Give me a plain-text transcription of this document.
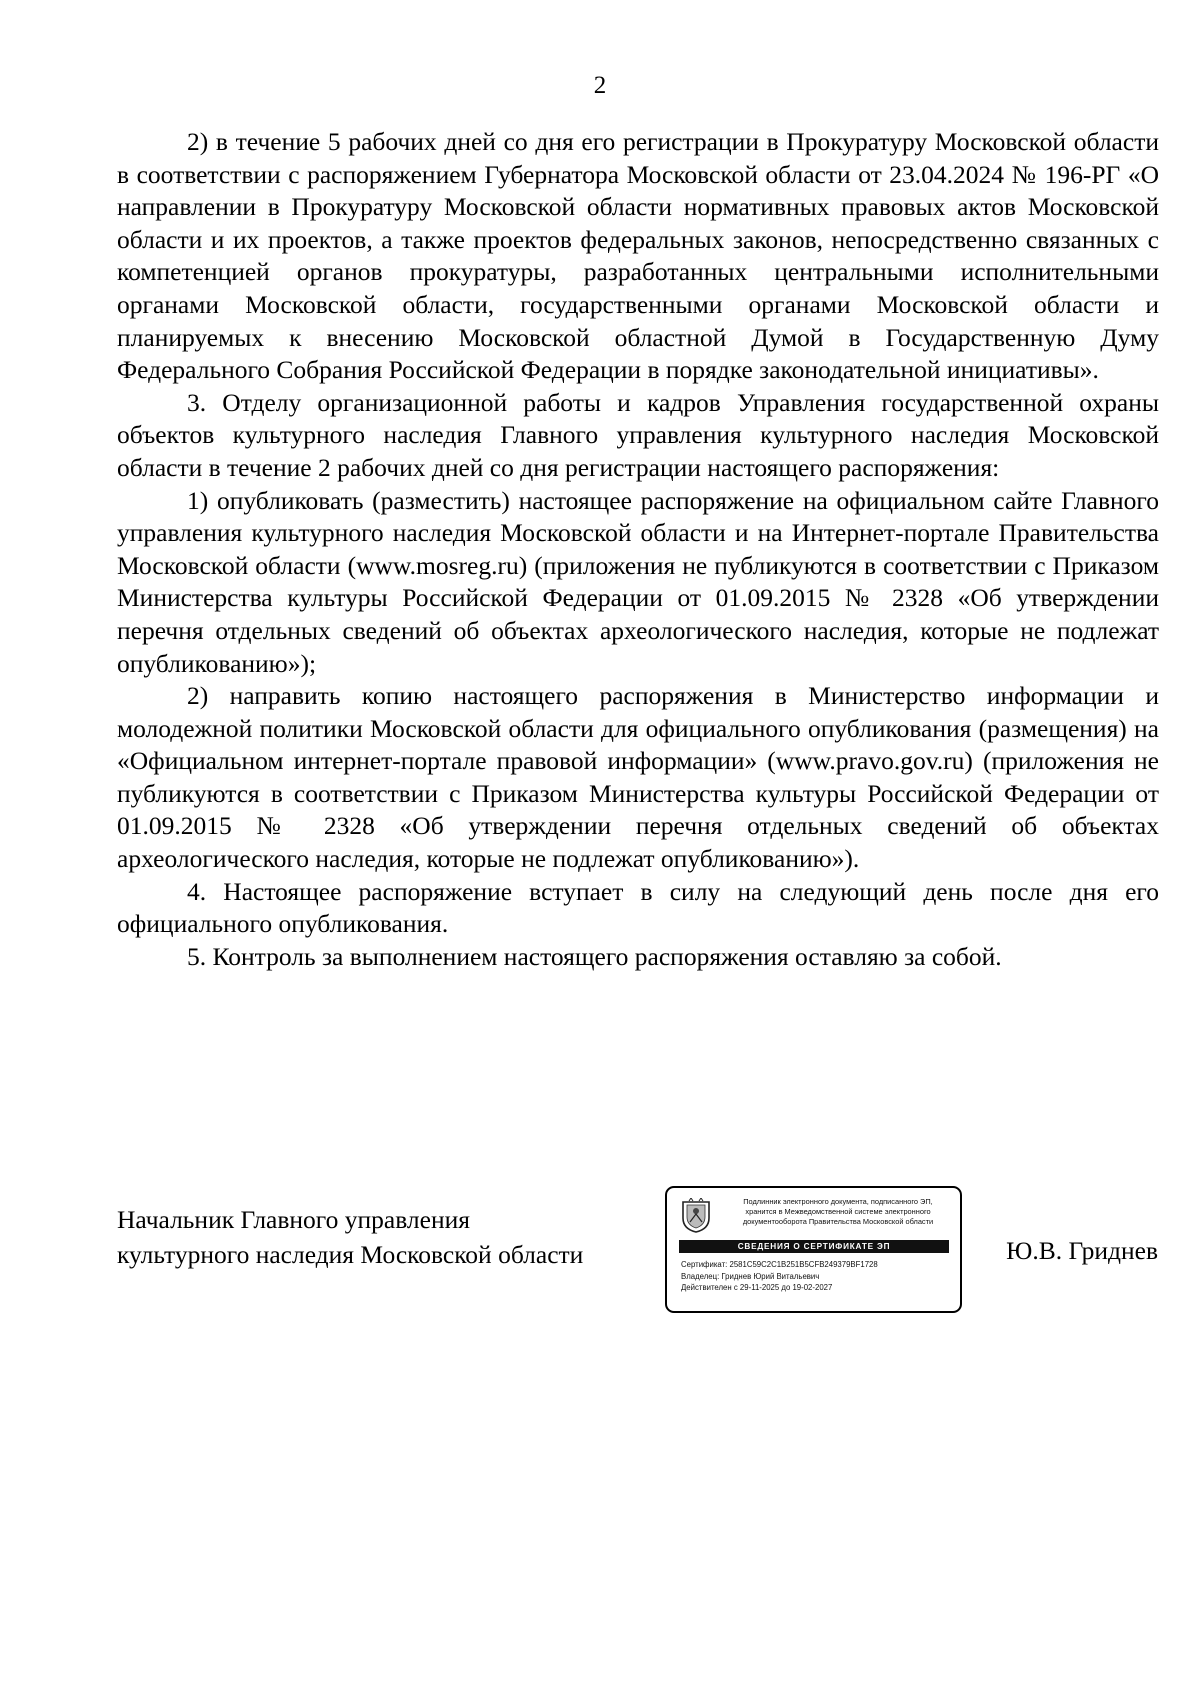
2

2) в течение 5 рабочих дней со дня его регистрации в Прокуратуру Московской области в соответствии с распоряжением Губернатора Московской области от 23.04.2024 № 196-РГ «О направлении в Прокуратуру Московской области нормативных правовых актов Московской области и их проектов, а также проектов федеральных законов, непосредственно связанных с компетенцией органов прокуратуры, разработанных центральными исполнительными органами Московской области, государственными органами Московской области и планируемых к внесению Московской областной Думой в Государственную Думу Федерального Собрания Российской Федерации в порядке законодательной инициативы».

3. Отделу организационной работы и кадров Управления государственной охраны объектов культурного наследия Главного управления культурного наследия Московской области в течение 2 рабочих дней со дня регистрации настоящего распоряжения:

1) опубликовать (разместить) настоящее распоряжение на официальном сайте Главного управления культурного наследия Московской области и на Интернет-портале Правительства Московской области (www.mosreg.ru) (приложения не публикуются в соответствии с Приказом Министерства культуры Российской Федерации от 01.09.2015 № 2328 «Об утверждении перечня отдельных сведений об объектах археологического наследия, которые не подлежат опубликованию»);

2) направить копию настоящего распоряжения в Министерство информации и молодежной политики Московской области для официального опубликования (размещения) на «Официальном интернет-портале правовой информации» (www.pravo.gov.ru) (приложения не публикуются в соответствии с Приказом Министерства культуры Российской Федерации от 01.09.2015 № 2328 «Об утверждении перечня отдельных сведений об объектах археологического наследия, которые не подлежат опубликованию»).

4. Настоящее распоряжение вступает в силу на следующий день после дня его официального опубликования.

5. Контроль за выполнением настоящего распоряжения оставляю за собой.

Начальник Главного управления
культурного наследия Московской области
Подлинник электронного документа, подписанного ЭП,
хранится в Межведомственной системе электронного
документооборота Правительства Московской области
СВЕДЕНИЯ О СЕРТИФИКАТЕ ЭП
Сертификат: 2581C59C2C1B251B5CFB249379BF1728
Владелец: Гриднев Юрий Витальевич
Действителен с 29-11-2025 до 19-02-2027
Ю.В. Гриднев
